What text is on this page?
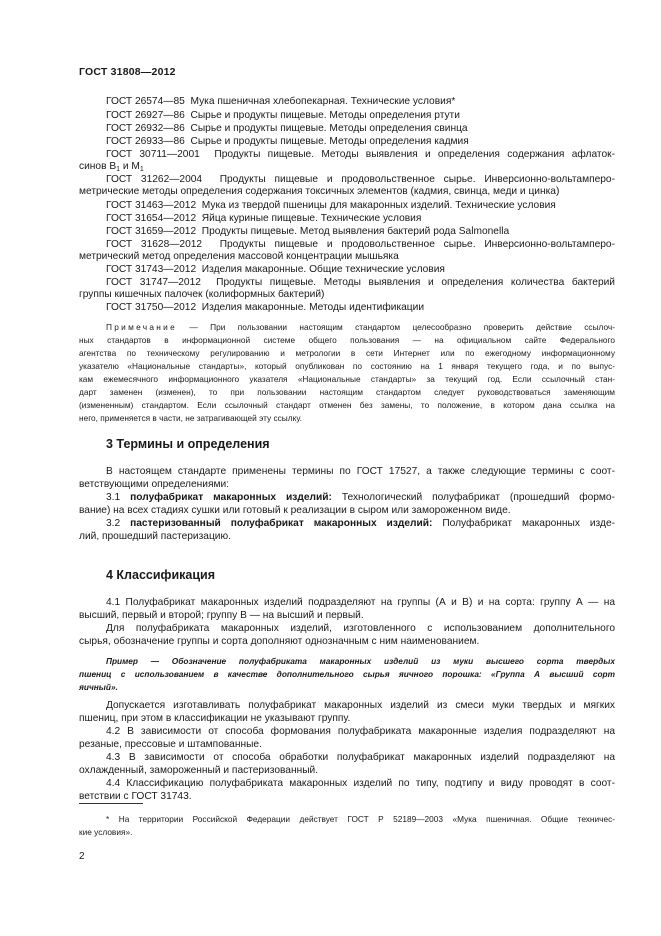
ГОСТ 31808—2012
ГОСТ 26574—85 Мука пшеничная хлебопекарная. Технические условия*
ГОСТ 26927—86 Сырье и продукты пищевые. Методы определения ртути
ГОСТ 26932—86 Сырье и продукты пищевые. Методы определения свинца
ГОСТ 26933—86 Сырье и продукты пищевые. Методы определения кадмия
ГОСТ 30711—2001 Продукты пищевые. Методы выявления и определения содержания афлаток-
синов $B_1$ и $M_1$
ГОСТ 31262—2004 Продукты пищевые и продовольственное сырье. Инверсионно-вольтамперо-
метрические методы определения содержания токсичных элементов (кадмия, свинца, меди и цинка)
ГОСТ 31463—2012 Мука из твердой пшеницы для макаронных изделий. Технические условия
ГОСТ 31654—2012 Яйца куриные пищевые. Технические условия
ГОСТ 31659—2012 Продукты пищевые. Метод выявления бактерий рода Salmonella
ГОСТ 31628—2012 Продукты пищевые и продовольственное сырье. Инверсионно-вольтамперо-
метрический метод определения массовой концентрации мышьяка
ГОСТ 31743—2012 Изделия макаронные. Общие технические условия
ГОСТ 31747—2012 Продукты пищевые. Методы выявления и определения количества бактерий
группы кишечных палочек (колиформных бактерий)
ГОСТ 31750—2012 Изделия макаронные. Методы идентификации
Примечание — При пользовании настоящим стандартом целесообразно проверить действие ссылоч-
ных стандартов в информационной системе общего пользования — на официальном сайте Федерального
агентства по техническому регулированию и метрологии в сети Интернет или по ежегодному информационному
указателю «Национальные стандарты», который опубликован по состоянию на 1 января текущего года, и по выпус-
кам ежемесячного информационного указателя «Национальные стандарты» за текущий год. Если ссылочный стан-
дарт заменен (изменен), то при пользовании настоящим стандартом следует руководствоваться заменяющим
(измененным) стандартом. Если ссылочный стандарт отменен без замены, то положение, в котором дана ссылка на
него, применяется в части, не затрагивающей эту ссылку.
3 Термины и определения
В настоящем стандарте применены термины по ГОСТ 17527, а также следующие термины с соот-
ветствующими определениями:
3.1 полуфабрикат макаронных изделий: Технологический полуфабрикат (прошедший формо-
вание) на всех стадиях сушки или готовый к реализации в сыром или замороженном виде.
3.2 пастеризованный полуфабрикат макаронных изделий: Полуфабрикат макаронных изде-
лий, прошедший пастеризацию.
4 Классификация
4.1 Полуфабрикат макаронных изделий подразделяют на группы (А и В) и на сорта: группу А — на
высший, первый и второй; группу В — на высший и первый.
Для полуфабриката макаронных изделий, изготовленного с использованием дополнительного
сырья, обозначение группы и сорта дополняют однозначным с ним наименованием.
Пример — Обозначение полуфабриката макаронных изделий из муки высшего сорта твердых
пшениц с использованием в качестве дополнительного сырья яичного порошка: «Группа А высший сорт
яичный».
Допускается изготавливать полуфабрикат макаронных изделий из смеси муки твердых и мягких
пшениц, при этом в классификации не указывают группу.
4.2 В зависимости от способа формования полуфабриката макаронные изделия подразделяют на
резаные, прессовые и штампованные.
4.3 В зависимости от способа обработки полуфабрикат макаронных изделий подразделяют на
охлажденный, замороженный и пастеризованный.
4.4 Классификацию полуфабриката макаронных изделий по типу, подтипу и виду проводят в соот-
ветствии с ГОСТ 31743.
* На территории Российской Федерации действует ГОСТ Р 52189—2003 «Мука пшеничная. Общие техничес-
кие условия».
2
